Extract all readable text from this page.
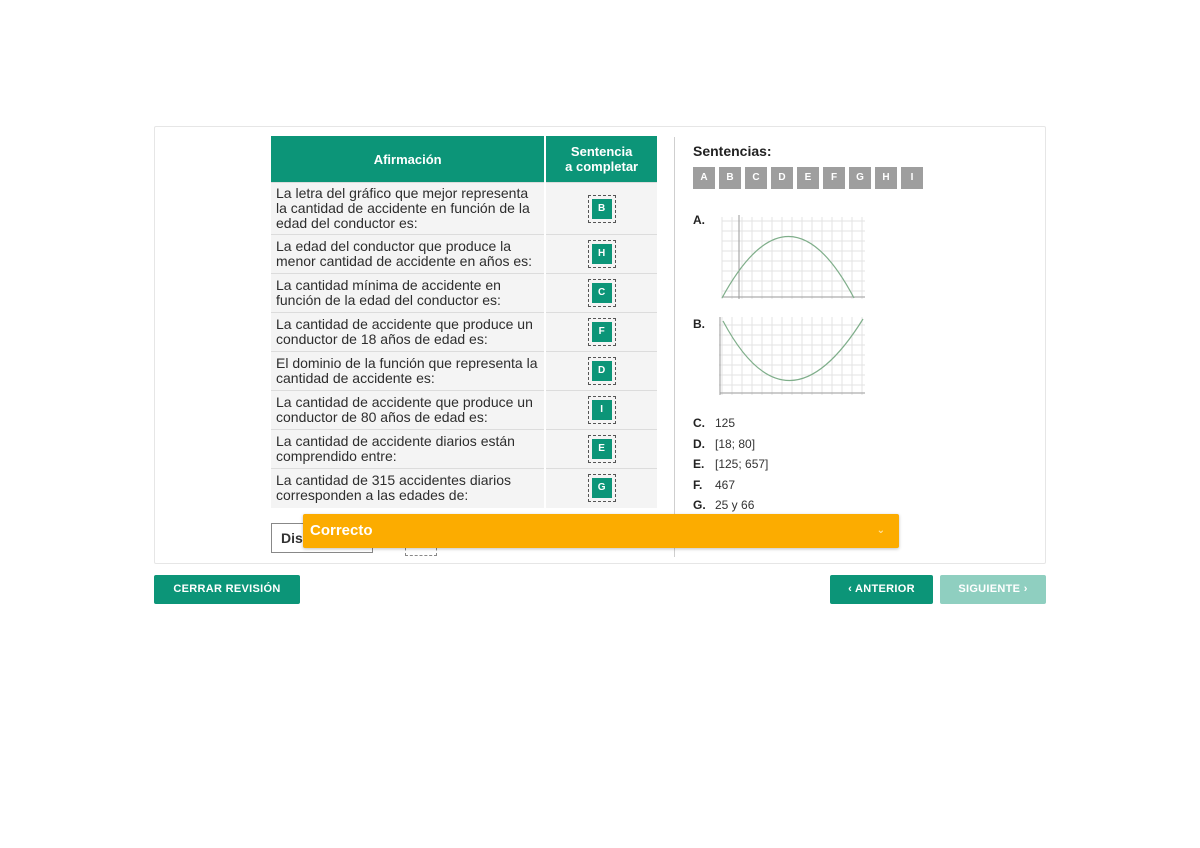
Afirmación	Sentencia
a completar

La letra del gráfico que mejor representa la cantidad de accidente en función de la edad del conductor es:	B

La edad del conductor que produce la menor cantidad de accidente en años es:	H

La cantidad mínima de accidente en función de la edad del conductor es:	C

La cantidad de accidente que produce un conductor de 18 años de edad es:	F

El dominio de la función que representa la cantidad de accidente es:	D

La cantidad de accidente que produce un conductor de 80 años de edad es:	I

La cantidad de accidente diarios están comprendido entre:	E

La cantidad de 315 accidentes diarios corresponden a las edades de:	G
Dis
Sentencias:
A	B	C	D	E	F	G	H	I
A.
B.
C. 125
D. [18; 80]
E. [125; 657]
F. 467
G. 25 y 66
Correcto	⌄
CERRAR REVISIÓN	‹ ANTERIOR	SIGUIENTE ›
